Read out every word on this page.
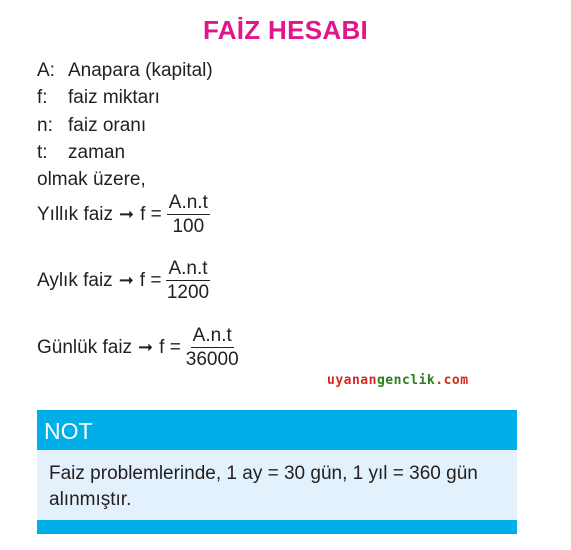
FAİZ HESABI
A: Anapara (kapital)
f: faiz miktarı
n: faiz oranı
t: zaman
olmak üzere,
Yıllık faiz ➞ $f = \frac{A.n.t}{100}$
Aylık faiz ➞ $f = \frac{A.n.t}{1200}$
Günlük faiz ➞ $f = \frac{A.n.t}{36000}$
uyanangenclik.com
NOT
Faiz problemlerinde, 1 ay = 30 gün, 1 yıl = 360 gün alınmıştır.
